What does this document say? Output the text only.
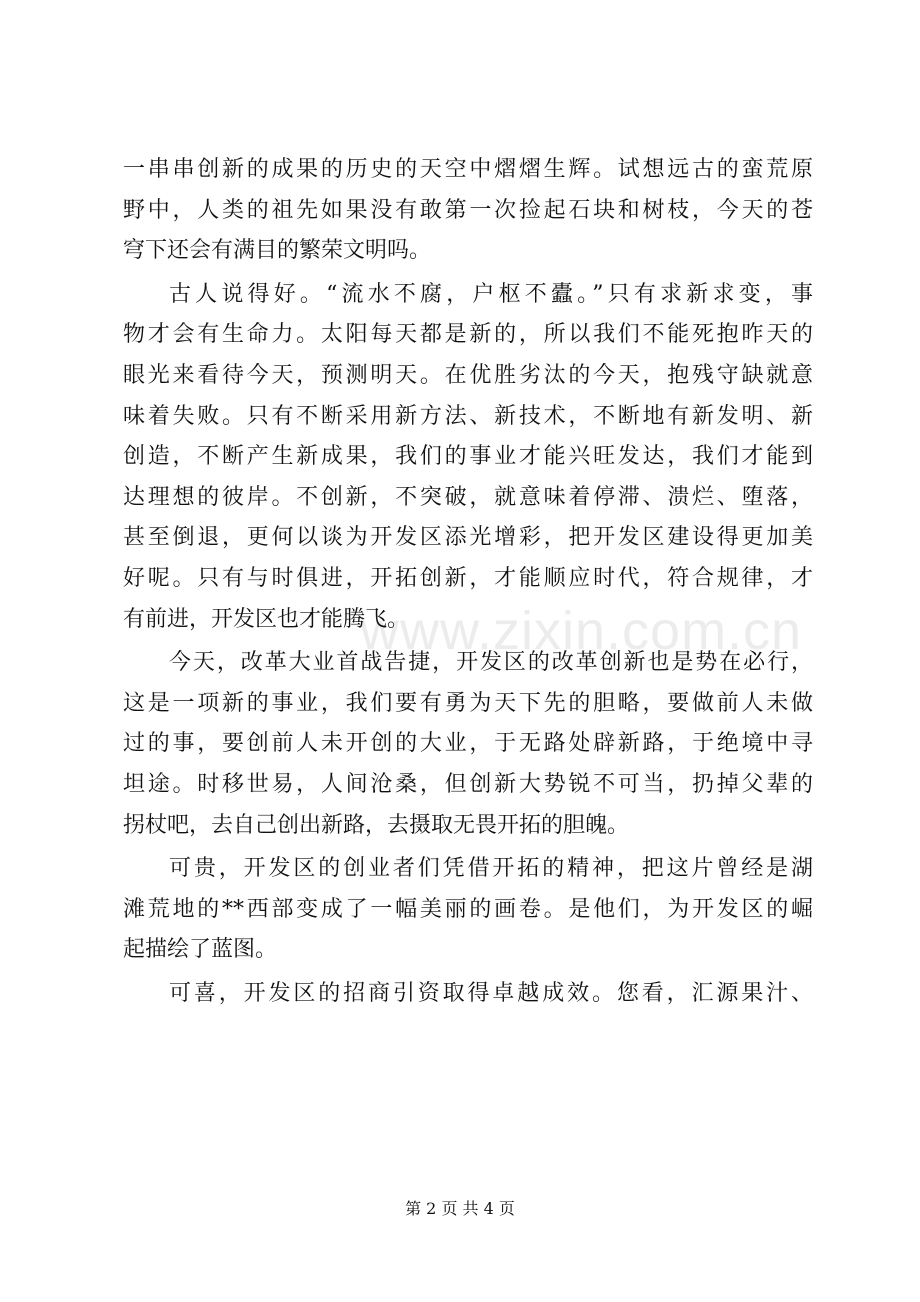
www.zixin.com.cn
一串串创新的成果的历史的天空中熠熠生辉。试想远古的蛮荒原
野中，人类的祖先如果没有敢第一次捡起石块和树枝，今天的苍
穹下还会有满目的繁荣文明吗。
古人说得好。“流水不腐，户枢不蠹。”只有求新求变，事
物才会有生命力。太阳每天都是新的，所以我们不能死抱昨天的
眼光来看待今天，预测明天。在优胜劣汰的今天，抱残守缺就意
味着失败。只有不断采用新方法、新技术，不断地有新发明、新
创造，不断产生新成果，我们的事业才能兴旺发达，我们才能到
达理想的彼岸。不创新，不突破，就意味着停滞、溃烂、堕落，
甚至倒退，更何以谈为开发区添光增彩，把开发区建设得更加美
好呢。只有与时俱进，开拓创新，才能顺应时代，符合规律，才
有前进，开发区也才能腾飞。
今天，改革大业首战告捷，开发区的改革创新也是势在必行，
这是一项新的事业，我们要有勇为天下先的胆略，要做前人未做
过的事，要创前人未开创的大业，于无路处辟新路，于绝境中寻
坦途。时移世易，人间沧桑，但创新大势锐不可当，扔掉父辈的
拐杖吧，去自己创出新路，去摄取无畏开拓的胆魄。
可贵，开发区的创业者们凭借开拓的精神，把这片曾经是湖
滩荒地的**西部变成了一幅美丽的画卷。是他们，为开发区的崛
起描绘了蓝图。
可喜，开发区的招商引资取得卓越成效。您看，汇源果汁、
第 2 页 共 4 页
